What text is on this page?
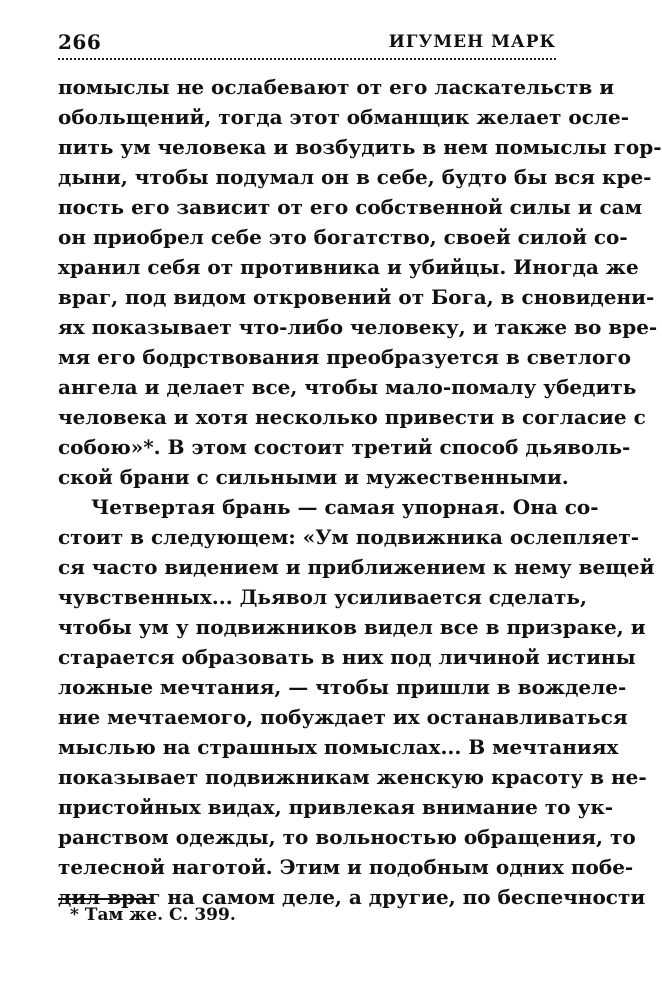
266	ИГУМЕН МАРК
помыслы не ослабевают от его ласкательств и
обольщений, тогда этот обманщик желает осле-
пить ум человека и возбудить в нем помыслы гор-
дыни, чтобы подумал он в себе, будто бы вся кре-
пость его зависит от его собственной силы и сам
он приобрел себе это богатство, своей силой со-
хранил себя от противника и убийцы. Иногда же
враг, под видом откровений от Бога, в сновидени-
ях показывает что-либо человеку, и также во вре-
мя его бодрствования преобразуется в светлого
ангела и делает все, чтобы мало-помалу убедить
человека и хотя несколько привести в согласие с
собою»*. В этом состоит третий способ дьяволь-
ской брани с сильными и мужественными.
Четвертая брань — самая упорная. Она со-
стоит в следующем: «Ум подвижника ослепляет-
ся часто видением и приближением к нему вещей
чувственных... Дьявол усиливается сделать,
чтобы ум у подвижников видел все в призраке, и
старается образовать в них под личиной истины
ложные мечтания, — чтобы пришли в вожделе-
ние мечтаемого, побуждает их останавливаться
мыслью на страшных помыслах... В мечтаниях
показывает подвижникам женскую красоту в не-
пристойных видах, привлекая внимание то ук-
ранством одежды, то вольностью обращения, то
телесной наготой. Этим и подобным одних побе-
дил враг на самом деле, а другие, по беспечности
* Там же. С. 399.
